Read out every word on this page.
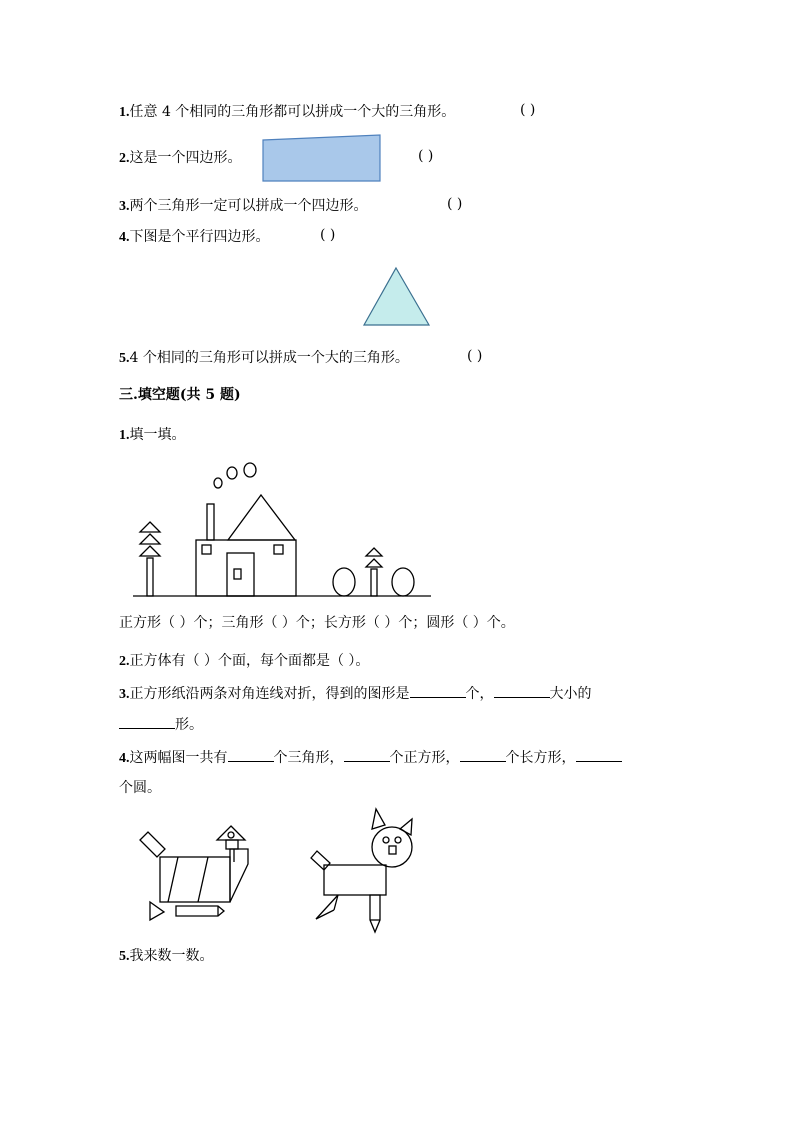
1.任意 4 个相同的三角形都可以拼成一个大的三角形。	( )
2.这是一个四边形。	( )
3.两个三角形一定可以拼成一个四边形。	( )
4.下图是个平行四边形。	( )
5.4 个相同的三角形可以拼成一个大的三角形。	( )
三.填空题(共 5 题)
1.填一填。
正方形（ ）个；三角形（ ）个；长方形（ ）个；圆形（ ）个。
2.正方体有（ ）个面，每个面都是（ ）。
3.正方形纸沿两条对角连线对折，得到的图形是	个，	大小的
形。
4.这两幅图一共有	个三角形，	个正方形，	个长方形，
个圆。
5.我来数一数。
